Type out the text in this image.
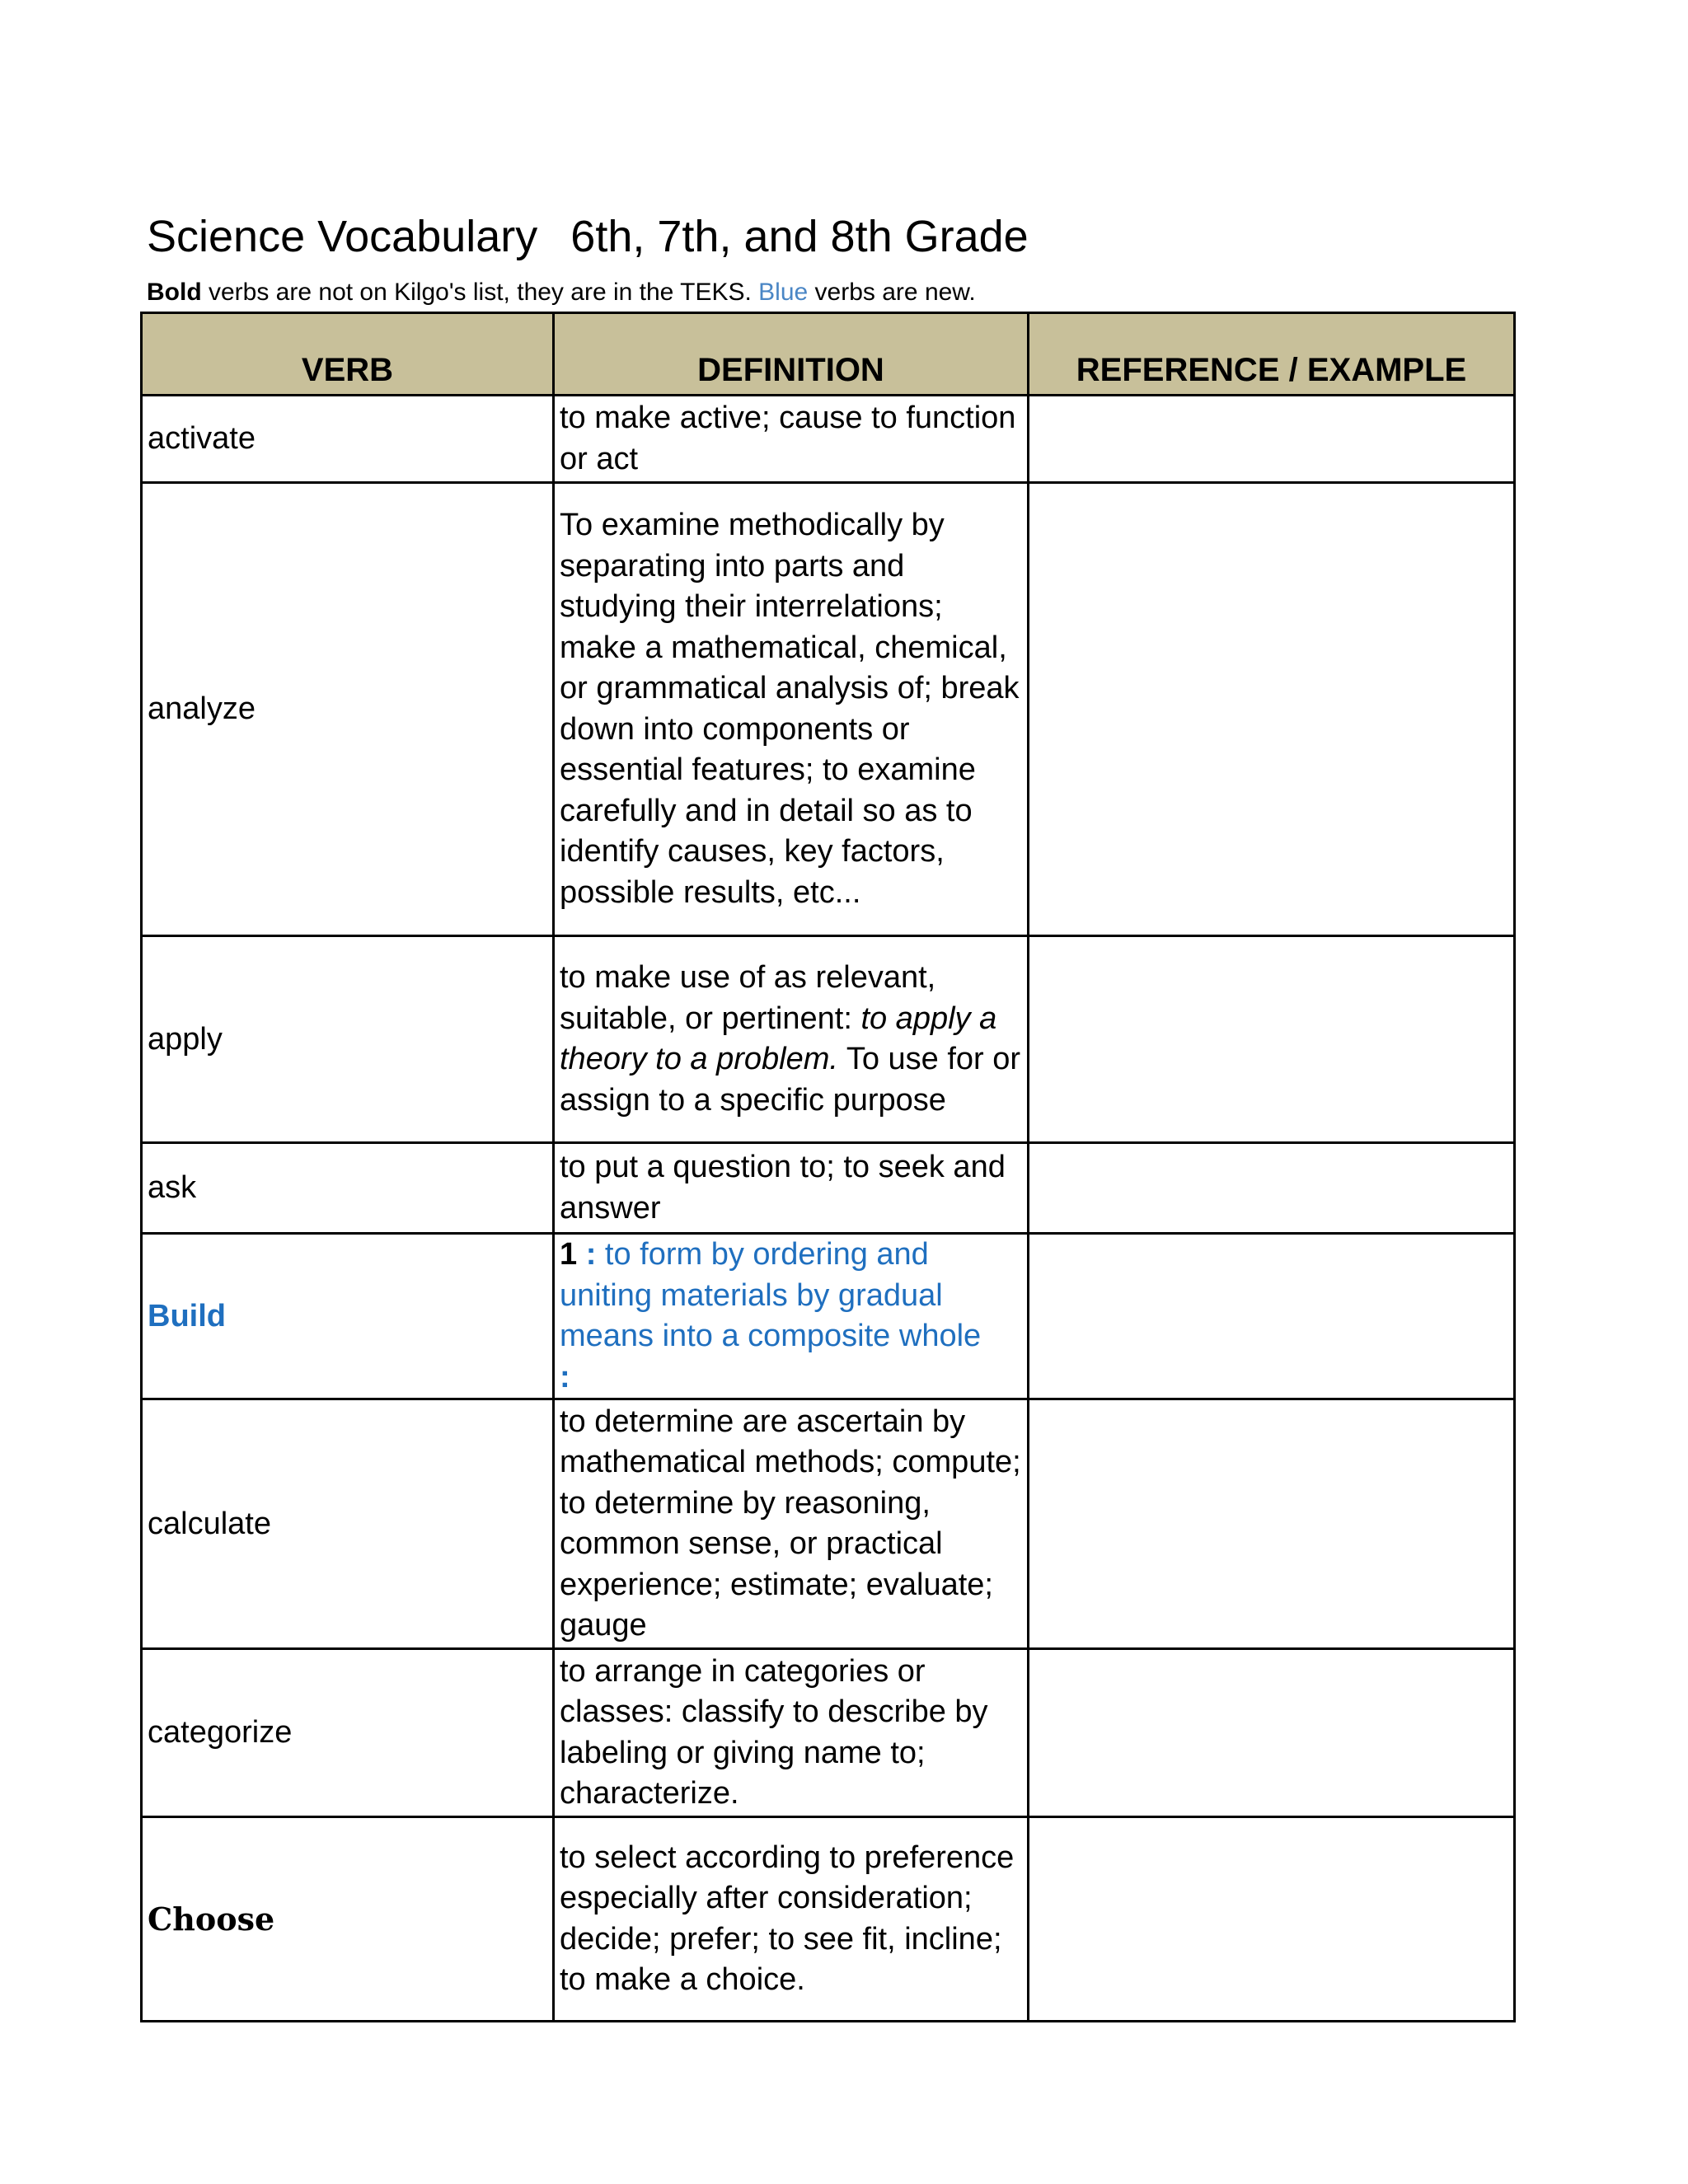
Science Vocabulary 6th, 7th, and 8th Grade
Bold verbs are not on Kilgo's list, they are in the TEKS. Blue verbs are new.
VERB	DEFINITION	REFERENCE / EXAMPLE
activate	to make active; cause to function or act	
analyze	To examine methodically by separating into parts and studying their interrelations; make a mathematical, chemical, or grammatical analysis of; break down into components or essential features; to examine carefully and in detail so as to identify causes, key factors, possible results, etc...	
apply	to make use of as relevant, suitable, or pertinent: to apply a theory to a problem. To use for or assign to a specific purpose	
ask	to put a question to; to seek and answer	
Build	1 : to form by ordering and uniting materials by gradual means into a composite whole
:	
calculate	to determine are ascertain by mathematical methods; compute; to determine by reasoning, common sense, or practical experience; estimate; evaluate; gauge	
categorize	to arrange in categories or classes: classify to describe by labeling or giving name to; characterize.	
Choose	to select according to preference especially after consideration; decide; prefer; to see fit, incline; to make a choice.	
